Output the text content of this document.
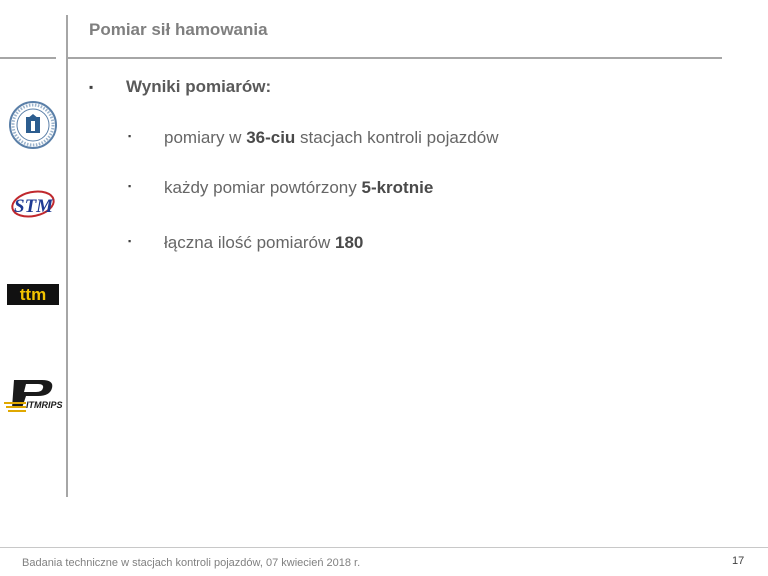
Pomiar sił hamowania
▪ Wyniki pomiarów:
▪ pomiary w 36-ciu stacjach kontroli pojazdów
▪ każdy pomiar powtórzony 5-krotnie
▪ łączna ilość pomiarów 180
STM
ttm
ITMRIPS
Badania techniczne w stacjach kontroli pojazdów, 07 kwiecień 2018 r.	17
